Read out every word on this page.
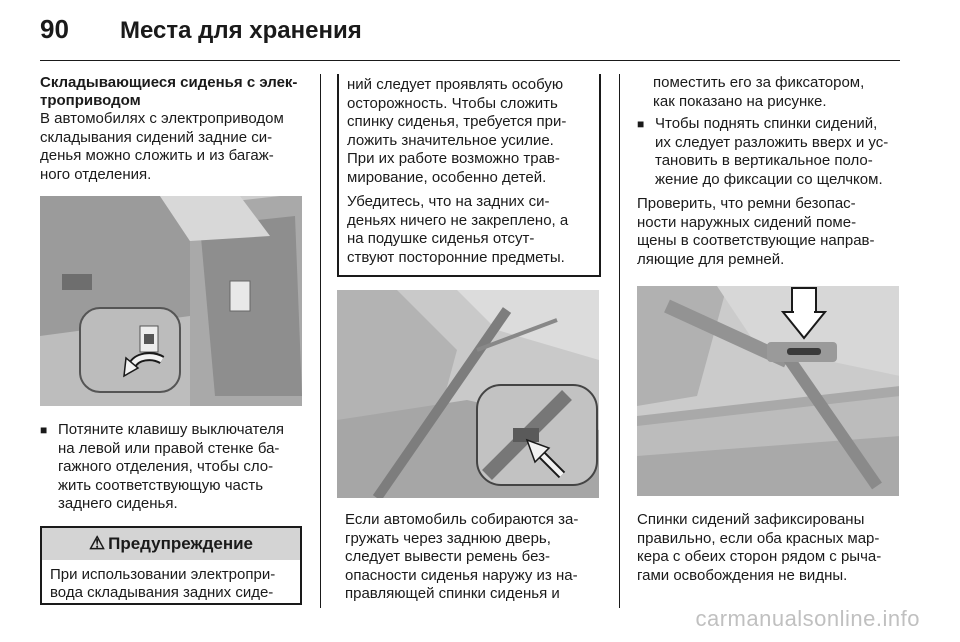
90	Места для хранения
Складывающиеся сиденья с элек-
троприводом
В автомобилях с электроприводом
складывания сидений задние си-
денья можно сложить и из багаж-
ного отделения.
■ Потяните клавишу выключателя
на левой или правой стенке ба-
гажного отделения, чтобы сло-
жить соответствующую часть
заднего сиденья.
⚠ Предупреждение
При использовании электропри-
вода складывания задних сиде-
ний следует проявлять особую
осторожность. Чтобы сложить
спинку сиденья, требуется при-
ложить значительное усилие.
При их работе возможно трав-
мирование, особенно детей.
Убедитесь, что на задних си-
деньях ничего не закреплено, а
на подушке сиденья отсут-
ствуют посторонние предметы.
Если автомобиль собираются за-
гружать через заднюю дверь,
следует вывести ремень без-
опасности сиденья наружу из на-
правляющей спинки сиденья и
поместить его за фиксатором,
как показано на рисунке.
■ Чтобы поднять спинки сидений,
их следует разложить вверх и ус-
тановить в вертикальное поло-
жение до фиксации со щелчком.
Проверить, что ремни безопас-
ности наружных сидений поме-
щены в соответствующие направ-
ляющие для ремней.
Спинки сидений зафиксированы
правильно, если оба красных мар-
кера с обеих сторон рядом с рыча-
гами освобождения не видны.
carmanualsonline.info
